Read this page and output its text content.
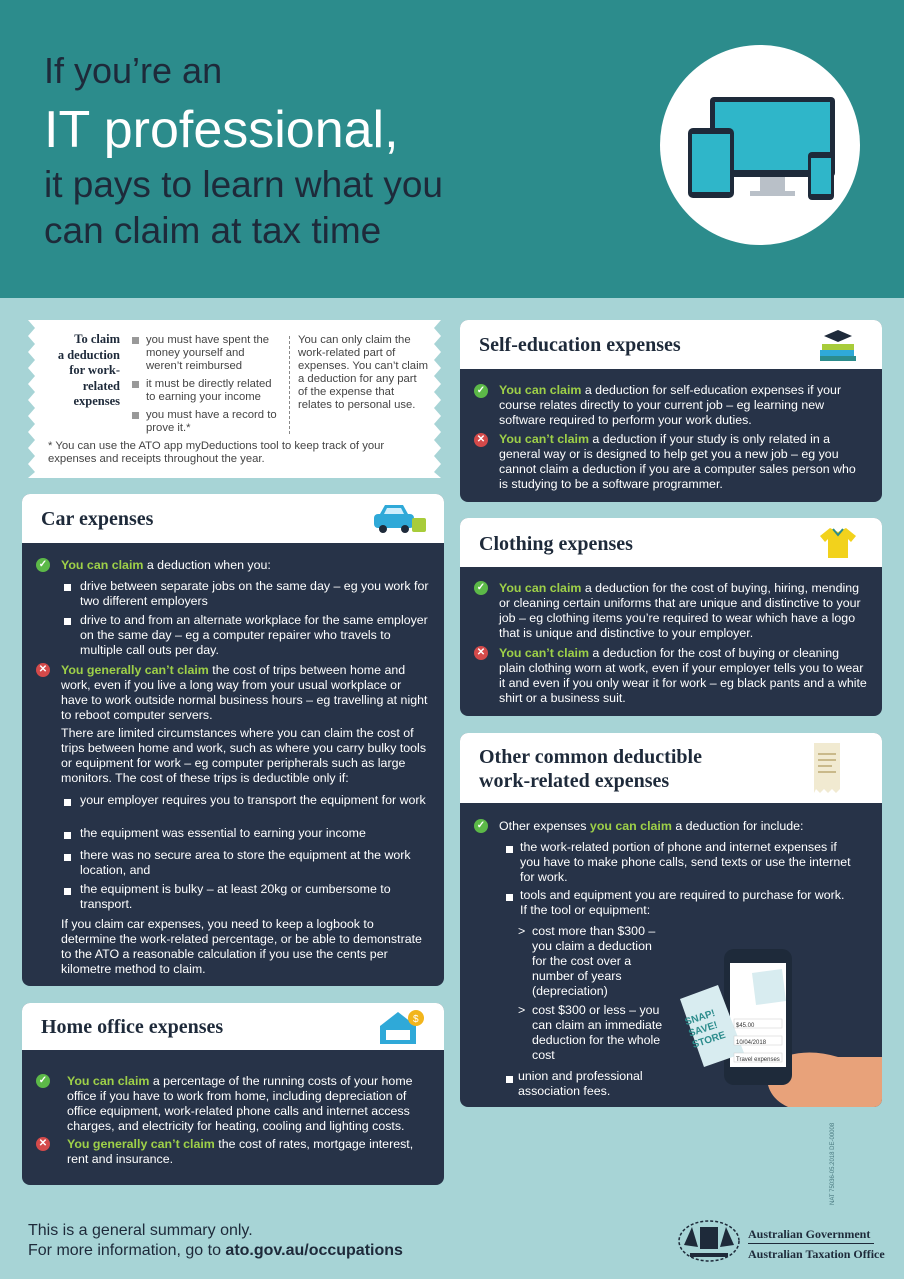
If you’re an
IT professional,
it pays to learn what you
can claim at tax time
To claim
a deduction
for work-
related
expenses
you must have spent the money yourself and weren’t reimbursed
it must be directly related to earning your income
you must have a record to prove it.*
You can only claim the work-related part of expenses. You can’t claim a deduction for any part of the expense that relates to personal use.
* You can use the ATO app myDeductions tool to keep track of your expenses and receipts throughout the year.
Car expenses
✓ You can claim a deduction when you:
drive between separate jobs on the same day – eg you work for two different employers
drive to and from an alternate workplace for the same employer on the same day – eg a computer repairer who travels to multiple call outs per day.
✕ You generally can’t claim the cost of trips between home and work, even if you live a long way from your usual workplace or have to work outside normal business hours – eg travelling at night to reboot computer servers.
There are limited circumstances where you can claim the cost of trips between home and work, such as where you carry bulky tools or equipment for work – eg computer peripherals such as large monitors. The cost of these trips is deductible only if:
your employer requires you to transport the equipment for work
the equipment was essential to earning your income
there was no secure area to store the equipment at the work location, and
the equipment is bulky – at least 20kg or cumbersome to transport.
If you claim car expenses, you need to keep a logbook to determine the work-related percentage, or be able to demonstrate to the ATO a reasonable calculation if you use the cents per kilometre method to claim.
Home office expenses	$
✓ You can claim a percentage of the running costs of your home office if you have to work from home, including depreciation of office equipment, work-related phone calls and internet access charges, and electricity for heating, cooling and lighting costs.
✕ You generally can’t claim the cost of rates, mortgage interest, rent and insurance.
Self-education expenses
✓ You can claim a deduction for self-education expenses if your course relates directly to your current job – eg learning new software required to perform your work duties.
✕ You can’t claim a deduction if your study is only related in a general way or is designed to help get you a new job – eg you cannot claim a deduction if you are a computer sales person who is studying to be a software programmer.
Clothing expenses
✓ You can claim a deduction for the cost of buying, hiring, mending or cleaning certain uniforms that are unique and distinctive to your job – eg clothing items you’re required to wear which have a logo that is unique and distinctive to your employer.
✕ You can’t claim a deduction for the cost of buying or cleaning plain clothing worn at work, even if your employer tells you to wear it and even if you only wear it for work – eg black pants and a white shirt or a business suit.
Other common deductible
work-related expenses
✓ Other expenses you can claim a deduction for include:
the work-related portion of phone and internet expenses if you have to make phone calls, send texts or use the internet for work.
tools and equipment you are required to purchase for work. If the tool or equipment:
> cost more than $300 – you claim a deduction for the cost over a number of years (depreciation)
> cost $300 or less – you can claim an immediate deduction for the whole cost
union and professional association fees.
SNAP! SAVE! STORE
$45.00
10/04/2018
Travel expenses
This is a general summary only.
For more information, go to ato.gov.au/occupations
Australian Government
Australian Taxation Office
NAT 75036-05.2018 DE-00008
